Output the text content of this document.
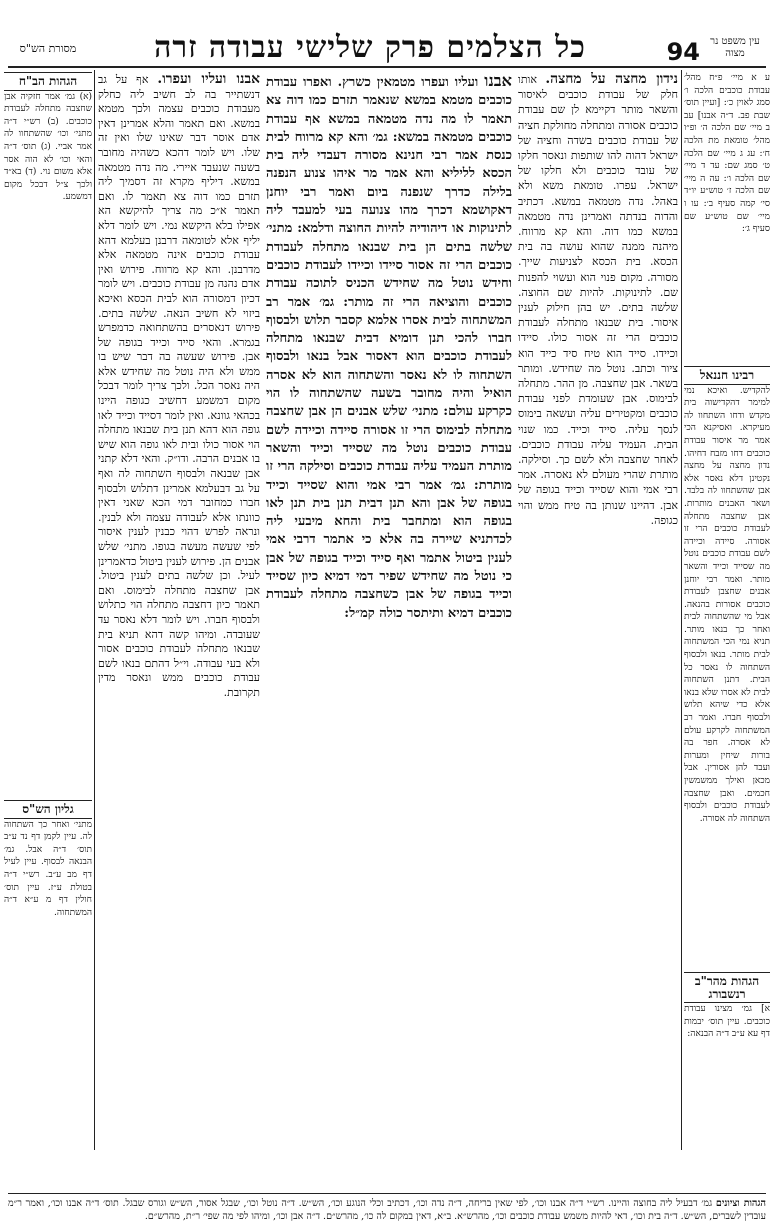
כל הצלמים פרק שלישי עבודה זרה	94	עין משפט נר מצוה
מסורת הש"ס
ע א מיי׳ פ״ח מהל׳ עבודת כוכבים הלכה ו׳ סמג לאוין כ׳: [ועיין תוס׳ שבת פב. ד״ה אבנו] עב ב מיי׳ שם הלכה ה׳ ופ״ו מהל׳ טומאת מת הלכה ח׳: עג ג מיי׳ שם הלכה ט׳ סמג שם: עד ד מיי׳ שם הלכה ו׳: עה ה מיי׳ שם הלכה ז׳ טוש״ע יו״ד סי׳ קמה סעיף ב׳: עו ו מיי׳ שם טוש״ע שם סעיף ג׳:
רבינו חננאל
להקדיש. ואיכא נמי למימר דהקדישוה בית מקדש ודחו השתחוו לה מעיקרא. ואסיקנא הכי אמר מר איסור עבודת כוכבים דחו מזבח דחיהו. נדון מחצה על מחצה נקטינן דלא נאסר אלא אבן שהשתחוו לה בלבד. ושאר האבנים מותרות. אבן שחצבה מתחלה לעבודת כוכבים הרי זו אסורה. סיידה וכיידה לשם עבודת כוכבים נוטל מה שסייד וכייד והשאר מותר. ואמר רבי יוחנן אבנים שחצבן לעבודת כוכבים אסורות בהנאה. אבל מי שהשתחוה לבית ואחר כך בנאו מותר. תניא נמי הכי המשתחוה לבית מותר. בנאו ולבסוף השתחוה לו נאסר כל הבית. דתנן השתחוה לבית לא אסרו שלא בנאו אלא כדי שיהא תלוש ולבסוף חברו. ואמר רב המשתחוה לקרקע עולם לא אסרה. חפר בה בורות שיחין ומערות ועבד להן אסורין. אבל מכאן ואילך ממשמשין חכמים. ואבן שחצבה לעבודת כוכבים ולבסוף השתחוה לה אסורה.
הגהות מהר"ב רנשבורג
א] גמ׳ מצינו עבודת כוכבים. עיין תוס׳ יבמות דף עא ע״ב ד״ה הבנאה:
הגהות הב"ח
(א) גמ׳ אמר חזקיה אבן שחצבה מתחלה לעבודת כוכבים. (ב) רש״י ד״ה מתני׳ וכו׳ שהשתחוו לה אמר אביי. (ג) תוס׳ ד״ה והאי וכו׳ לא הוה אסר אלא משום נוי. (ד) בא״ד ולכך צ״ל דבכל מקום דמשמע.
גליון הש"ס
מתני׳ ואחר כך השתחוה לה. עיין לקמן דף נד ע״ב תוס׳ ד״ה אבל. גמ׳ הבנאה לבסוף. עיין לעיל דף מב ע״ב. רש״י ד״ה בטולת ע״ז. עיין תוס׳ חולין דף מ ע״א ד״ה המשתחוה.
אבנו ועליו ועפרו מטמאין כשרץ. ואפרו עבודת כוכבים מטמא במשא שנאמר תזרם כמו דוה צא תאמר לו מה נדה מטמאה במשא אף עבודת כוכבים מטמאה במשא: גמ׳ והא קא מרווח לבית כנסת אמר רבי חנינא מסורה דעבדי ליה בית הכסא לליליא והא אמר מר איהו צנוע הנפנה בלילה כדרך שנפנה ביום ואמר רבי יוחנן דאקושמא דכרך מהו צנועה בעי למעבד ליה לתינוקות או דיהודיה להיות החוצה ודלמא: מתני׳ שלשה בתים הן בית שבנאו מתחלה לעבודת כוכבים הרי זה אסור סיידו וכיידו לעבודת כוכבים וחידש נוטל מה שחידש הכניס לתוכה עבודת כוכבים והוציאה הרי זה מותר: גמ׳ אמר רב המשתחוה לבית אסרו אלמא קסבר תלוש ולבסוף חברו להכי תנן דומיא דבית שבנאו מתחלה לעבודת כוכבים הוא דאסור אבל בנאו ולבסוף השתחוה לו לא נאסר והשתחוה הוא לא אסרה הואיל והיה מחובר בשעה שהשתחוה לו הוי כקרקע עולם: מתני׳ שלש אבנים הן אבן שחצבה מתחלה לבימוס הרי זו אסורה סיידה וכיידה לשם עבודת כוכבים נוטל מה שסייד וכייד והשאר מותרת העמיד עליה עבודת כוכבים וסילקה הרי זו מותרת: גמ׳ אמר רבי אמי והוא שסייד וכייד בגופה של אבן והא תנן דבית תנן בית תנן לאו בגופה הוא ומתחבר בית והחא מיבעי ליה לכדתניא שיירה בה אלא כי אתמר דרבי אמי לענין ביטול אתמר ואף סייד וכייד בגופה של אבן כי נוטל מה שחידש שפיר דמי דמיא כיון שסייד וכייד בגופה של אבן כשחצבה מתחלה לעבודת כוכבים דמיא ותיתסר כולה קמ״ל:
נידון מחצה על מחצה. אותו חלק של עבודת כוכבים לאיסור והשאר מותר דקיימא לן שם עבודת כוכבים אסורה ומתחלה מחולקת חציה של עבודת כוכבים בשדה וחציה של ישראל דהוה להו שותפות ונאסר חלקו של עובד כוכבים ולא חלקו של ישראל. עפרו. טומאת משא ולא באהל. נדה מטמאה במשא. דכתיב והדוה בנדתה ואמרינן נדה מטמאה במשא כמו דוה. והא קא מרווח. מיהנה ממנה שהוא עושה בה בית הכסא. בית הכסא לצניעות שייך. מסורה. מקום פנוי הוא ועשוי להפנות שם. לתינוקות. להיות שם החוצה. שלשה בתים. יש בהן חילוק לענין איסור. בית שבנאו מתחלה לעבודת כוכבים הרי זה אסור כולו. סיידו וכיידו. סייד הוא טיח סיד כייד הוא ציור וכתב. נוטל מה שחידש. ומותר בשאר. אבן שחצבה. מן ההר. מתחלה לבימוס. אבן שעומדת לפני עבודת כוכבים ומקטירים עליה ועשאה בימוס לנסך עליה. סייד וכייד. כמו שנוי הבית. העמיד עליה עבודת כוכבים. לאחר שחצבה ולא לשם כך. וסילקה. מותרת שהרי מעולם לא נאסרה. אמר רבי אמי והוא שסייד וכייד בגופה של אבן. דהיינו שנותן בה טיח ממש והוי כגופה.
אבנו ועליו ועפרו. אף על גב דנשתייר בה לב חשיב ליה כחלק מעבודת כוכבים עצמה ולכך מטמא במשא. ואם תאמר והלא אמרינן דאין אדם אוסר דבר שאינו שלו ואין זה שלו. ויש לומר דהכא כשהיה מחובר בשעה שנעבד איירי. מה נדה מטמאה במשא. דיליף מקרא זה דסמיך ליה תזרם כמו דוה צא תאמר לו. ואם תאמר א״כ מה צריך להיקשא הא אפילו בלא היקשא נמי. ויש לומר דלא יליף אלא לטומאה דרבנן בעלמא דהא עבודת כוכבים אינה מטמאה אלא מדרבנן. והא קא מרווח. פירוש ואין אדם נהנה מן עבודת כוכבים. ויש לומר דכיון דמסורה הוא לבית הכסא ואיכא ביזוי לא חשיב הנאה. שלשה בתים. פירוש דנאסרים בהשתחואה כדמפרש בגמרא. והאי סייד וכייד בגופה של אבן. פירוש שעשה בה דבר שיש בו ממש ולא היה נוטל מה שחידש אלא היה נאסר הכל. ולכך צריך לומר דבכל מקום דמשמע דחשיב כגופה היינו בכהאי גוונא. ואין לומר דסייד וכייד לאו גופה הוא דהא תנן בית שבנאו מתחלה הוי אסור כולו ובית לאו גופה הוא שיש בו אבנים הרבה. ודו״ק. והאי דלא קתני אבן שבנאה ולבסוף השתחוה לה ואף על גב דבעלמא אמרינן דתלוש ולבסוף חברו כמחובר דמי הכא שאני דאין כוונתו אלא לעבודה עצמה ולא לבנין. ונראה לפרש דהוי כבנין לענין איסור לפי שעשה מעשה בגופו. מתני׳ שלש אבנים הן. פירוש לענין ביטול כדאמרינן לעיל. וכן שלשה בתים לענין ביטול. אבן שחצבה מתחלה לבימוס. ואם תאמר כיון דחצבה מתחלה הוי כתלוש ולבסוף חברו. ויש לומר דלא נאסר עד שעובדה. ומיהו קשה דהא תניא בית שבנאו מתחלה לעבודת כוכבים אסור ולא בעי עבודה. וי״ל דהתם בנאו לשם עבודת כוכבים ממש ונאסר מדין תקרובת.
הגהות וציונים גמ׳ דבעיל ליה בחוצה והיינו. רש״י ד״ה אבנו וכו׳, לפי שאין בריחה, ד״ה נדה וכו׳, דכתיב וכלי הנוגע וכו׳, הש״ש. ד״ה נוטל וכו׳, שבגל אסור, הש״ש וגורס שבגל. תוס׳ ד״ה אבנו וכו׳, ואמר ר״מ עובדין לשברים, הש״ש. ד״ה בית וכו׳, דאי להיות משמש עבודת כוכבים וכו׳, מהרש״א. ב״א, דאין במקום לה כו׳, מהרש״ם. ד״ה אבן וכו׳, ומיהו לפי מה שפי׳ ר״ת, מהרש״ם.
